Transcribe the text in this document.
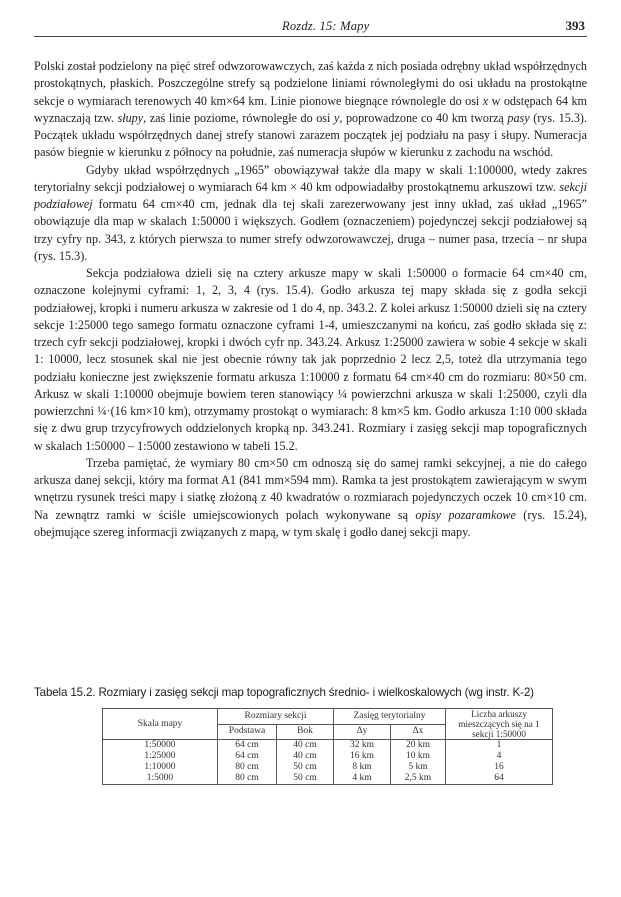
Rozdz. 15: Mapy	393

Polski został podzielony na pięć stref odwzorowawczych, zaś każda z nich posiada odrębny układ współrzędnych prostokątnych, płaskich. Poszczególne strefy są podzielone liniami równoległymi do osi układu na prostokątne sekcje o wymiarach terenowych 40 km×64 km. Linie pionowe biegnące równolegle do osi x w odstępach 64 km wyznaczają tzw. słupy, zaś linie poziome, równoległe do osi y, poprowadzone co 40 km tworzą pasy (rys. 15.3). Początek układu współrzędnych danej strefy stanowi zarazem początek jej podziału na pasy i słupy. Numeracja pasów biegnie w kierunku z północy na południe, zaś numeracja słupów w kierunku z zachodu na wschód.

Gdyby układ współrzędnych „1965” obowiązywał także dla mapy w skali 1:100000, wtedy zakres terytorialny sekcji podziałowej o wymiarach 64 km × 40 km odpowiadałby prostokątnemu arkuszowi tzw. sekcji podziałowej formatu 64 cm×40 cm, jednak dla tej skali zarezerwowany jest inny układ, zaś układ „1965” obowiązuje dla map w skalach 1:50000 i większych. Godłem (oznaczeniem) pojedynczej sekcji podziałowej są trzy cyfry np. 343, z których pierwsza to numer strefy odwzorowawczej, druga – numer pasa, trzecia – nr słupa (rys. 15.3).

Sekcja podziałowa dzieli się na cztery arkusze mapy w skali 1:50000 o formacie 64 cm×40 cm, oznaczone kolejnymi cyframi: 1, 2, 3, 4 (rys. 15.4). Godło arkusza tej mapy składa się z godła sekcji podziałowej, kropki i numeru arkusza w zakresie od 1 do 4, np. 343.2. Z kolei arkusz 1:50000 dzieli się na cztery sekcje 1:25000 tego samego formatu oznaczone cyframi 1-4, umieszczanymi na końcu, zaś godło składa się z: trzech cyfr sekcji podziałowej, kropki i dwóch cyfr np. 343.24. Arkusz 1:25000 zawiera w sobie 4 sekcje w skali 1: 10000, lecz stosunek skal nie jest obecnie równy tak jak poprzednio 2 lecz 2,5, toteż dla utrzymania tego podziału konieczne jest zwiększenie formatu arkusza 1:10000 z formatu 64 cm×40 cm do rozmiaru: 80×50 cm. Arkusz w skali 1:10000 obejmuje bowiem teren stanowiący ¼ powierzchni arkusza w skali 1:25000, czyli dla powierzchni ¼·(16 km×10 km), otrzymamy prostokąt o wymiarach: 8 km×5 km. Godło arkusza 1:10 000 składa się z dwu grup trzycyfrowych oddzielonych kropką np. 343.241. Rozmiary i zasięg sekcji map topograficznych w skalach 1:50000 – 1:5000 zestawiono w tabeli 15.2.

Trzeba pamiętać, że wymiary 80 cm×50 cm odnoszą się do samej ramki sekcyjnej, a nie do całego arkusza danej sekcji, który ma format A1 (841 mm×594 mm). Ramka ta jest prostokątem zawierającym w swym wnętrzu rysunek treści mapy i siatkę złożoną z 40 kwadratów o rozmiarach pojedynczych oczek 10 cm×10 cm. Na zewnątrz ramki w ściśle umiejscowionych polach wykonywane są opisy pozaramkowe (rys. 15.24), obejmujące szereg informacji związanych z mapą, w tym skalę i godło danej sekcji mapy.

Tabela 15.2. Rozmiary i zasięg sekcji map topograficznych średnio- i wielkoskalowych (wg instr. K-2)
Skala mapy	Rozmiary sekcji		Zasięg terytorialny		Liczba arkuszy mieszczących się na 1 sekcji 1:50000
	Podstawa	Bok	Δy	Δx	
1:50000	64 cm	40 cm	32 km	20 km	1
1:25000	64 cm	40 cm	16 km	10 km	4
1:10000	80 cm	50 cm	8 km	5 km	16
1:5000	80 cm	50 cm	4 km	2,5 km	64
